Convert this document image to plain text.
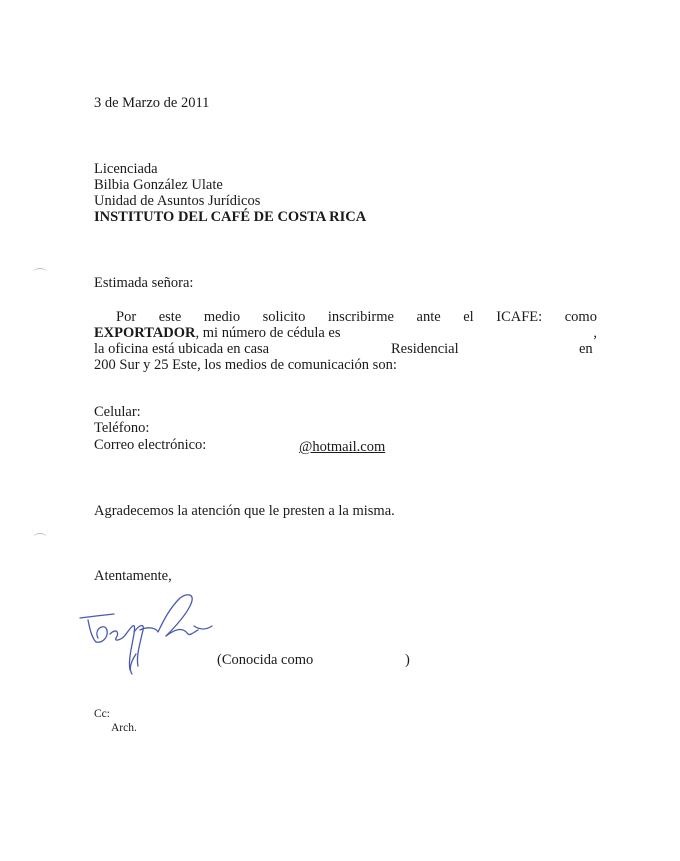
3 de Marzo de 2011
Licenciada
Bilbia González Ulate
Unidad de Asuntos Jurídicos
INSTITUTO DEL CAFÉ DE COSTA RICA
Estimada señora:
Por este medio solicito inscribirme ante el ICAFE: como
EXPORTADOR, mi número de cédula es	,
la oficina está ubicada en casa	Residencial	en
200 Sur y 25 Este, los medios de comunicación son:
Celular:
Teléfono:
Correo electrónico:	@hotmail.com
Agradecemos la atención que le presten a la misma.
Atentamente,
(Conocida como	)
Cc:
Arch.
